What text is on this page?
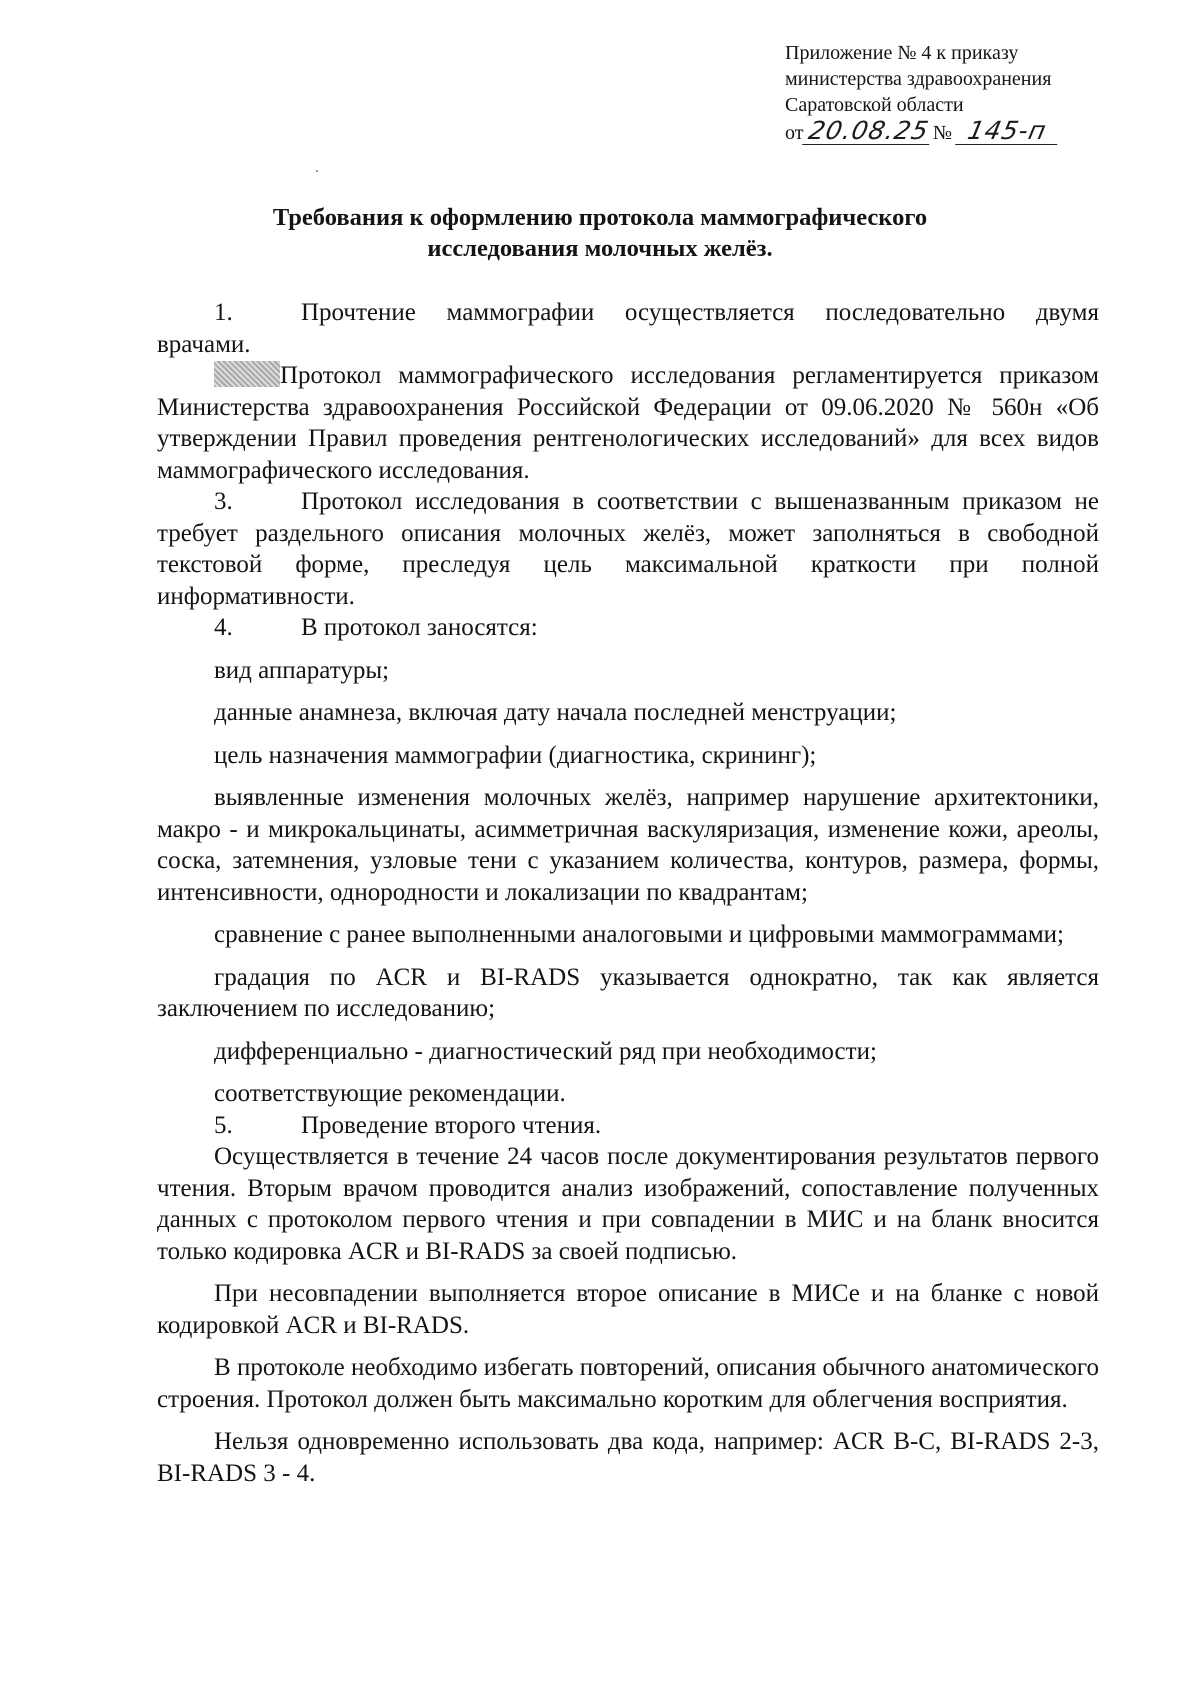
Приложение № 4 к приказу
министерства здравоохранения
Саратовской области
от 20.08.25№ 145-п
Требования к оформлению протокола маммографического
исследования молочных желёз.

1.	Прочтение маммографии осуществляется последовательно двумя врачами.

Протокол маммографического исследования регламентируется приказом Министерства здравоохранения Российской Федерации от 09.06.2020 № 560н «Об утверждении Правил проведения рентгенологических исследований» для всех видов маммографического исследования.

3.	Протокол исследования в соответствии с вышеназванным приказом не требует раздельного описания молочных желёз, может заполняться в свободной текстовой форме, преследуя цель максимальной краткости при полной информативности.

4.	В протокол заносятся:

вид аппаратуры;

данные анамнеза, включая дату начала последней менструации;

цель назначения маммографии (диагностика, скрининг);

выявленные изменения молочных желёз, например нарушение архитектоники, макро - и микрокальцинаты, асимметричная васкуляризация, изменение кожи, ареолы, соска, затемнения, узловые тени с указанием количества, контуров, размера, формы, интенсивности, однородности и локализации по квадрантам;

сравнение с ранее выполненными аналоговыми и цифровыми маммограммами;

градация по ACR и BI-RADS указывается однократно, так как является заключением по исследованию;

дифференциально - диагностический ряд при необходимости;

соответствующие рекомендации.

5.	Проведение второго чтения.

Осуществляется в течение 24 часов после документирования результатов первого чтения. Вторым врачом проводится анализ изображений, сопоставление полученных данных с протоколом первого чтения и при совпадении в МИС и на бланк вносится только кодировка ACR и BI-RADS за своей подписью.

При несовпадении выполняется второе описание в МИСе и на бланке с новой кодировкой ACR и BI-RADS.

В протоколе необходимо избегать повторений, описания обычного анатомического строения. Протокол должен быть максимально коротким для облегчения восприятия.

Нельзя одновременно использовать два кода, например: ACR B-C, BI-RADS 2-3, BI-RADS 3 - 4.
